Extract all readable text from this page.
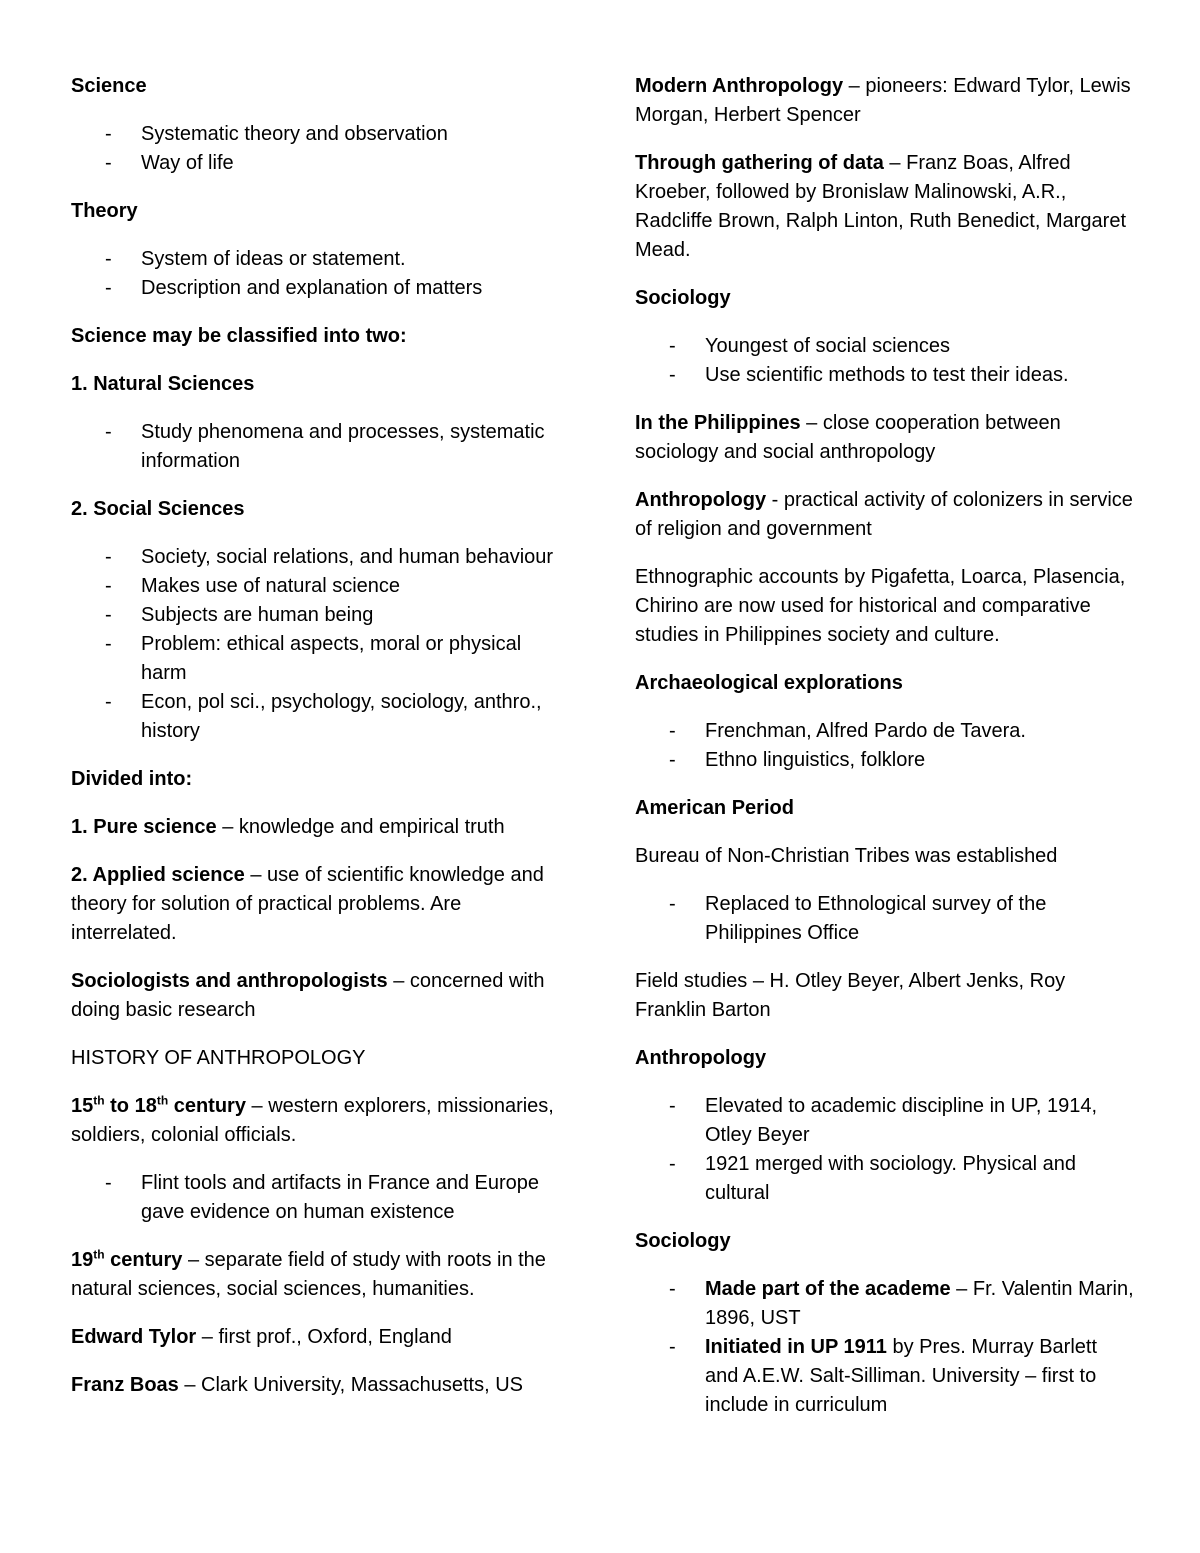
Science
- Systematic theory and observation
- Way of life
Theory
- System of ideas or statement.
- Description and explanation of matters
Science may be classified into two:
1. Natural Sciences
- Study phenomena and processes, systematic information
2. Social Sciences
- Society, social relations, and human behaviour
- Makes use of natural science
- Subjects are human being
- Problem: ethical aspects, moral or physical harm
- Econ, pol sci., psychology, sociology, anthro., history
Divided into:
1. Pure science – knowledge and empirical truth
2. Applied science – use of scientific knowledge and theory for solution of practical problems. Are interrelated.
Sociologists and anthropologists – concerned with doing basic research
HISTORY OF ANTHROPOLOGY
15th to 18th century – western explorers, missionaries, soldiers, colonial officials.
- Flint tools and artifacts in France and Europe gave evidence on human existence
19th century – separate field of study with roots in the natural sciences, social sciences, humanities.
Edward Tylor – first prof., Oxford, England
Franz Boas – Clark University, Massachusetts, US
Modern Anthropology – pioneers: Edward Tylor, Lewis Morgan, Herbert Spencer
Through gathering of data – Franz Boas, Alfred Kroeber, followed by Bronislaw Malinowski, A.R., Radcliffe Brown, Ralph Linton, Ruth Benedict, Margaret Mead.
Sociology
- Youngest of social sciences
- Use scientific methods to test their ideas.
In the Philippines – close cooperation between sociology and social anthropology
Anthropology - practical activity of colonizers in service of religion and government
Ethnographic accounts by Pigafetta, Loarca, Plasencia, Chirino are now used for historical and comparative studies in Philippines society and culture.
Archaeological explorations
- Frenchman, Alfred Pardo de Tavera.
- Ethno linguistics, folklore
American Period
Bureau of Non-Christian Tribes was established
- Replaced to Ethnological survey of the Philippines Office
Field studies – H. Otley Beyer, Albert Jenks, Roy Franklin Barton
Anthropology
- Elevated to academic discipline in UP, 1914, Otley Beyer
- 1921 merged with sociology. Physical and cultural
Sociology
- Made part of the academe – Fr. Valentin Marin, 1896, UST
- Initiated in UP 1911 by Pres. Murray Barlett and A.E.W. Salt-Silliman. University – first to include in curriculum
